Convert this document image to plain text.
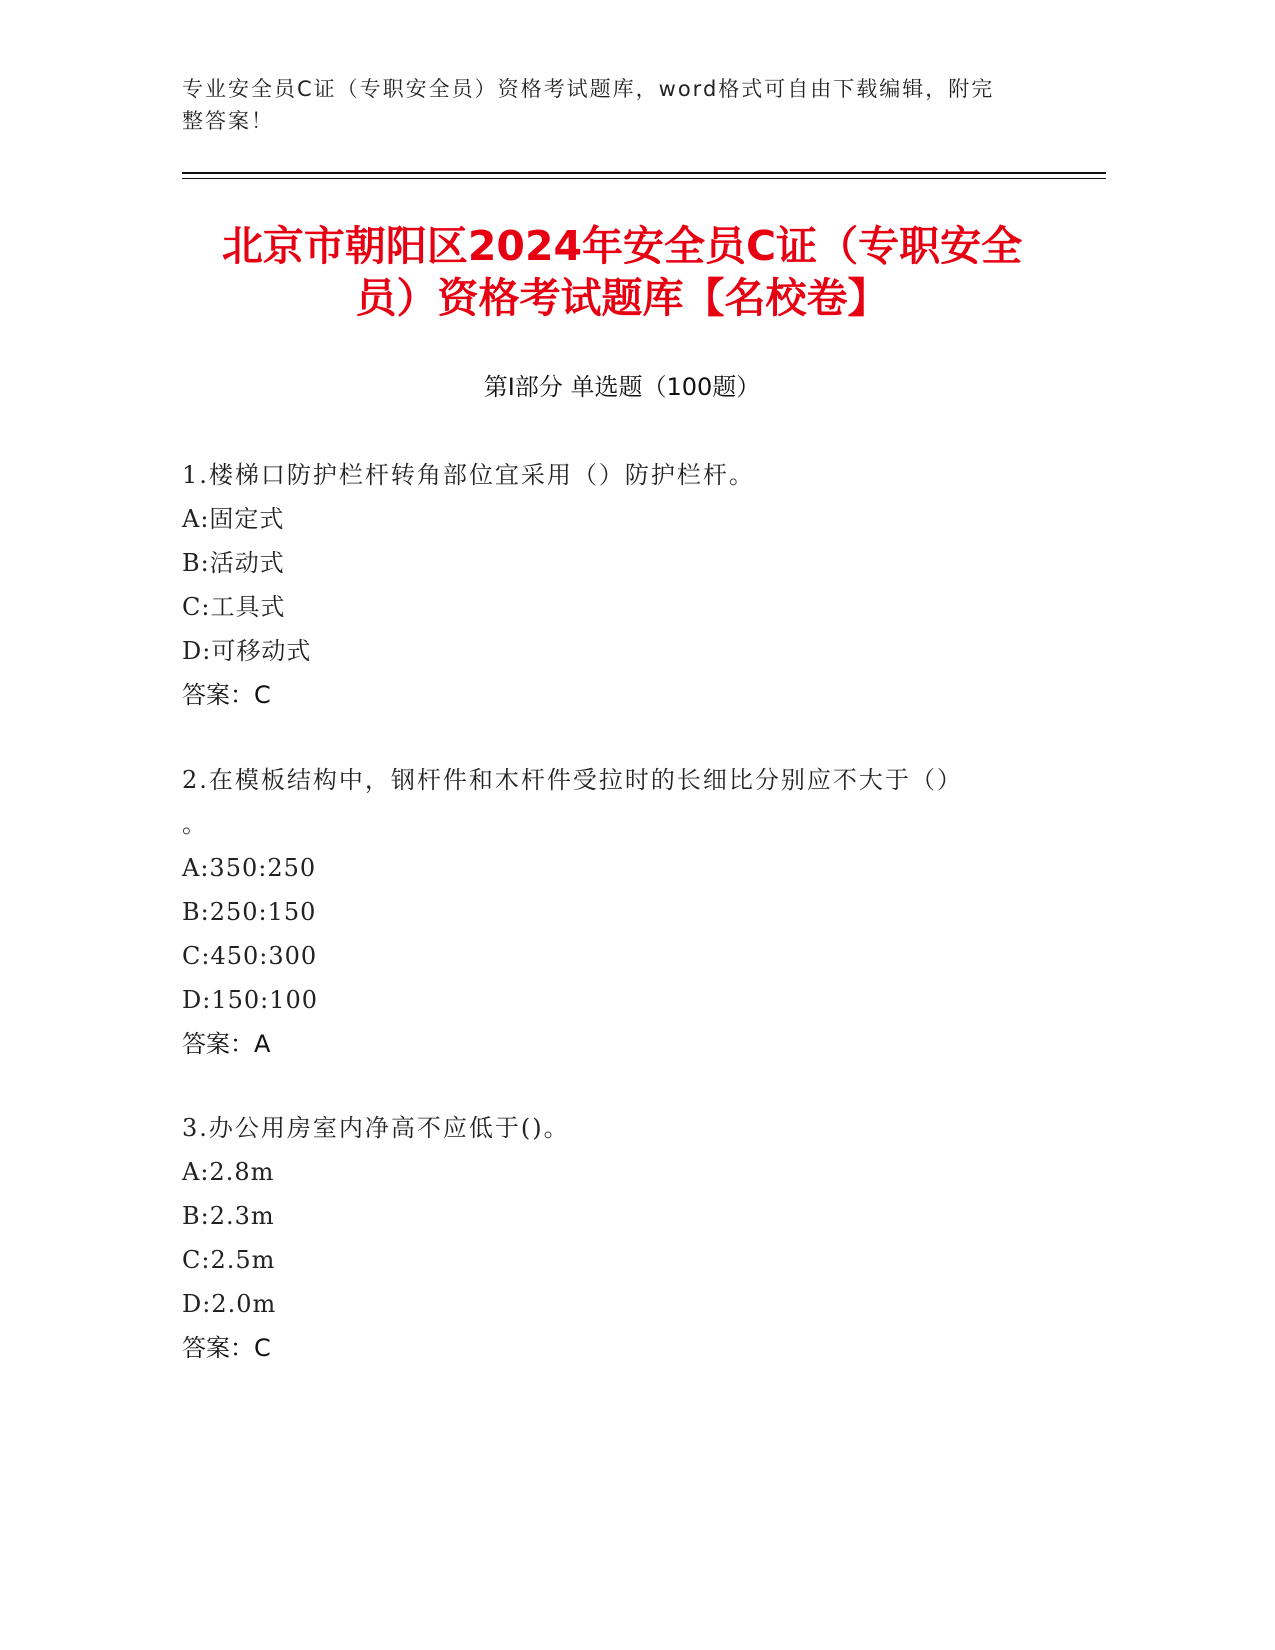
专业安全员C证（专职安全员）资格考试题库，word格式可自由下载编辑，附完
整答案！
北京市朝阳区2024年安全员C证（专职安全
员）资格考试题库【名校卷】
第I部分 单选题（100题）
1.楼梯口防护栏杆转角部位宜采用（）防护栏杆。
A:固定式
B:活动式
C:工具式
D:可移动式
答案：C
2.在模板结构中，钢杆件和木杆件受拉时的长细比分别应不大于（）
。
A:350:250
B:250:150
C:450:300
D:150:100
答案：A
3.办公用房室内净高不应低于()。
A:2.8m
B:2.3m
C:2.5m
D:2.0m
答案：C
